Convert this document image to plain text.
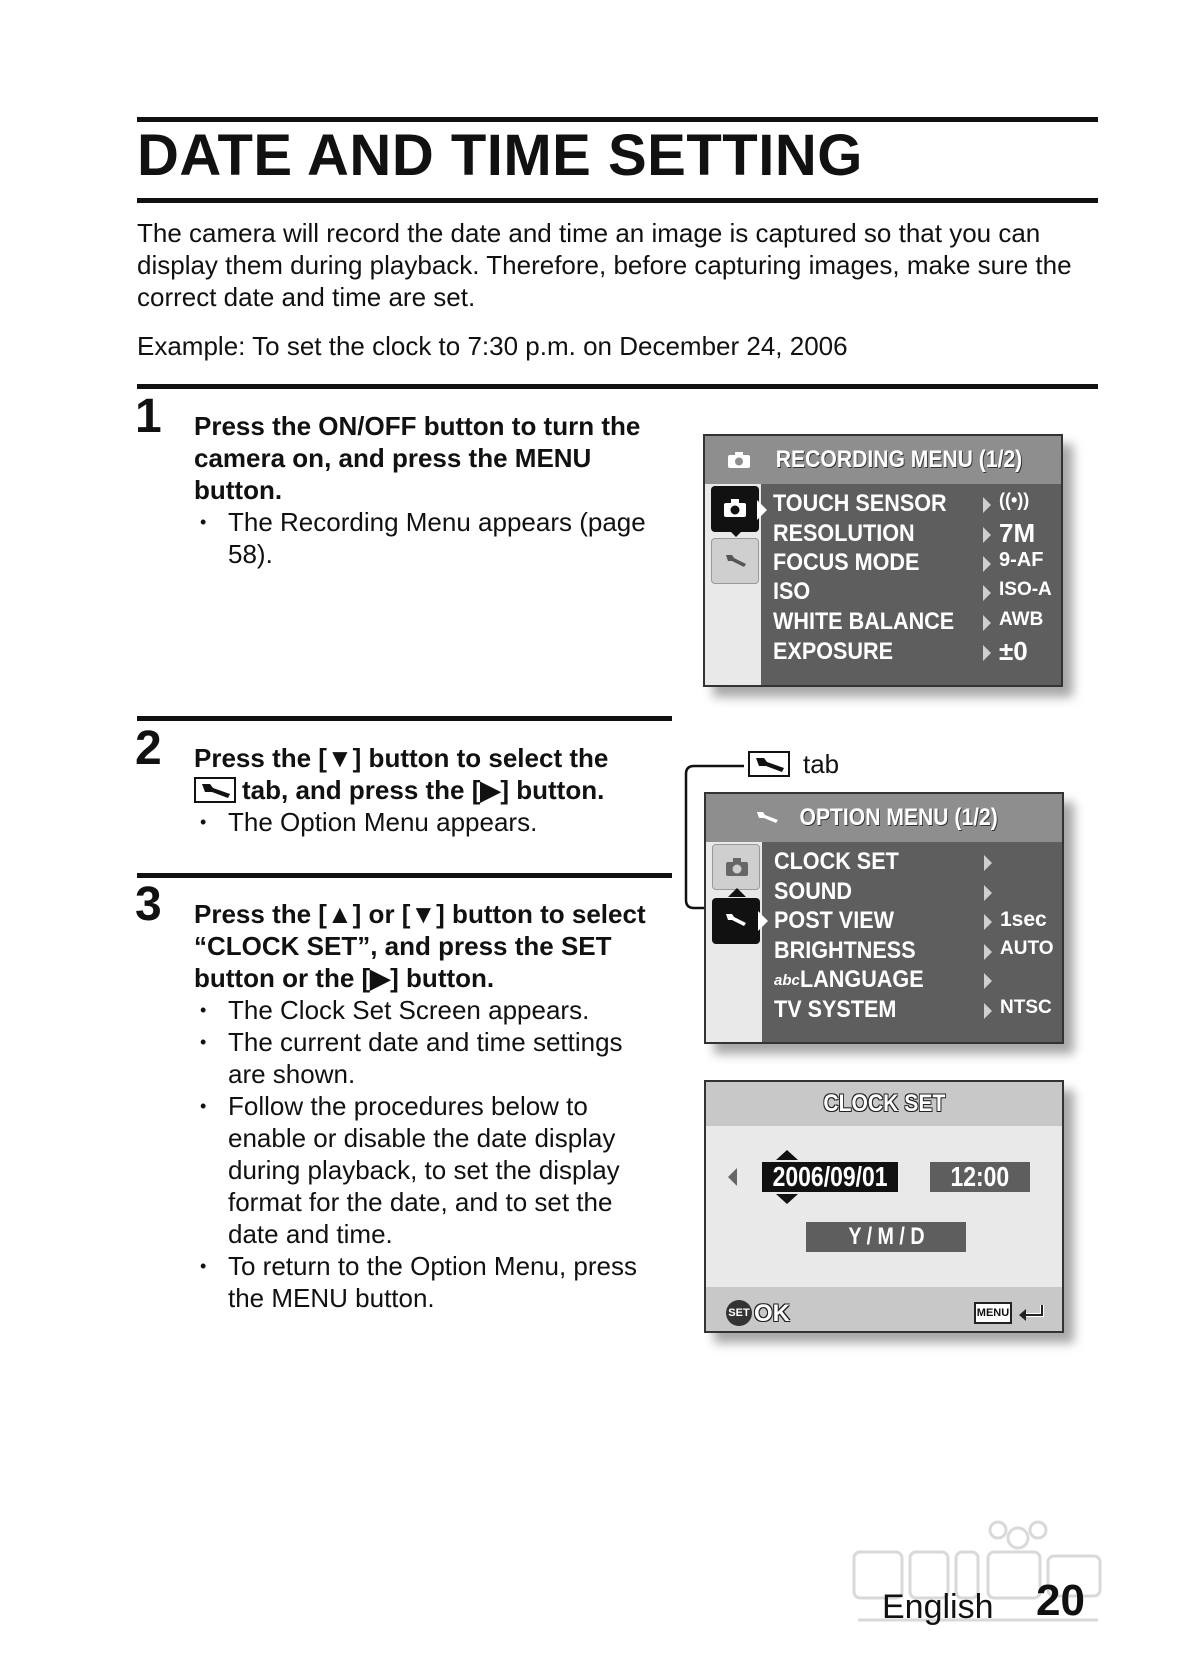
DATE AND TIME SETTING

The camera will record the date and time an image is captured so that you can display them during playback. Therefore, before capturing images, make sure the correct date and time are set.

Example: To set the clock to 7:30 p.m. on December 24, 2006

1 Press the ON/OFF button to turn the camera on, and press the MENU button.
• The Recording Menu appears (page 58).
RECORDING MENU (1/2)
TOUCH SENSOR	((•))
RESOLUTION	7M
FOCUS MODE	9-AF
ISO	ISO-A
WHITE BALANCE	AWB
EXPOSURE	±0
2 Press the [▼] button to select the

tab, and press the [▶] button.
• The Option Menu appears.
tab
OPTION MENU (1/2)
CLOCK SET
SOUND
POST VIEW	1sec
BRIGHTNESS	AUTO
abcLANGUAGE
TV SYSTEM	NTSC
3 Press the [▲] or [▼] button to select “CLOCK SET”, and press the SET button or the [▶] button.
• The Clock Set Screen appears.
• The current date and time settings are shown.
• Follow the procedures below to enable or disable the date display during playback, to set the display format for the date, and to set the date and time.
• To return to the Option Menu, press the MENU button.
CLOCK SET
2006/09/01 12:00
Y / M / D
SET OK	MENU
English 20
